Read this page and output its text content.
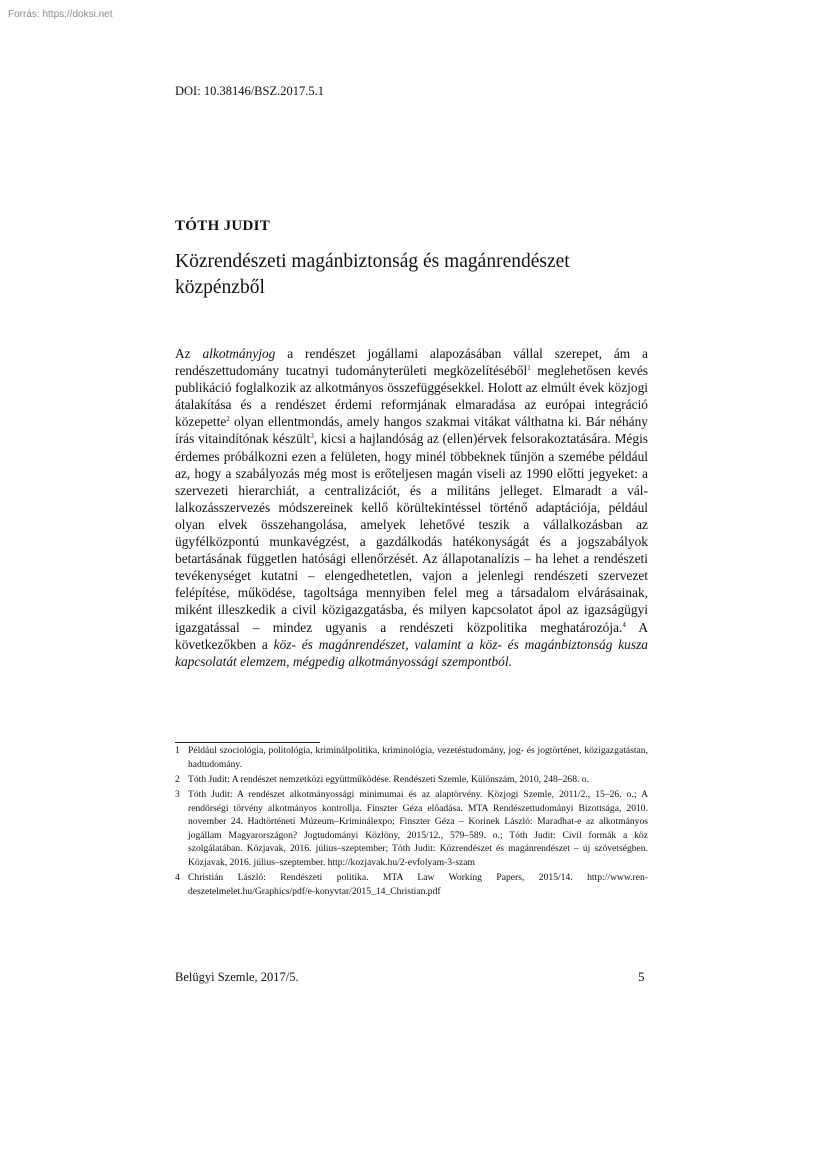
Forrás: https://doksi.net
DOI: 10.38146/BSZ.2017.5.1
TÓTH JUDIT
Közrendészeti magánbiztonság és magánrendészet
közpénzből

Az alkotmányjog a rendészet jogállami alapozásában vállal szerepet, ám a rendészettudomány tucatnyi tudományterületi megközelítéséből$^1$ meglehetősen kevés publikáció foglalkozik az alkotmányos összefüggésekkel. Holott az elmúlt évek közjogi átalakítása és a rendészet érdemi reformjának elmaradása az európai integráció közepette$^2$ olyan ellentmondás, amely hangos szakmai vitákat válthatna ki. Bár néhány írás vitaindítónak készült$^3$, kicsi a hajlandóság az (ellen)érvek felsorakoztatására. Mégis érdemes próbálkozni ezen a felületen, hogy minél többeknek tűnjön a szemébe például az, hogy a szabályozás még most is erőteljesen magán viseli az 1990 előtti jegyeket: a szervezeti hierarchiát, a centralizációt, és a militáns jelleget. Elmaradt a vállalkozásszervezés módszereinek kellő körültekintéssel történő adaptációja, például olyan elvek összehangolása, amelyek lehetővé teszik a vállalkozásban az ügyfélközpontú munkavégzést, a gazdálkodás hatékonyságát és a jogszabályok betartásának független hatósági ellenőrzését. Az állapotanalízis – ha lehet a rendészeti tevékenységet kutatni – elengedhetetlen, vajon a jelenlegi rendészeti szervezet felépítése, működése, tagoltsága mennyiben felel meg a társadalom elvárásainak, miként illeszkedik a civil közigazgatásba, és milyen kapcsolatot ápol az igazságügyi igazgatással – mindez ugyanis a rendészeti közpolitika meghatározója.$^4$ A következőkben a köz- és magánrendészet, valamint a köz- és magánbiztonság kusza kapcsolatát elemzem, mégpedig alkotmányossági szempontból.

1 Például szociológia, politológia, kriminálpolitika, kriminológia, vezetéstudomány, jog- és jogtörténet, közigazgatástan, hadtudomány.
2 Tóth Judit: A rendészet nemzetközi együttműködése. Rendészeti Szemle, Különszám, 2010, 248–268. o.
3 Tóth Judit: A rendészet alkotmányossági minimumai és az alaptörvény. Közjogi Szemle, 2011/2., 15–26. o.; A rendőrségi törvény alkotmányos kontrollja. Finszter Géza előadása. MTA Rendészettudományi Bizottsága, 2010. november 24. Hadtörténeti Múzeum–Kriminálexpo; Finszter Géza – Korinek László: Maradhat-e az alkotmányos jogállam Magyarországon? Jogtudományi Közlöny, 2015/12., 579–589. o.; Tóth Judit: Civil formák a köz szolgálatában. Közjavak, 2016. július–szeptember; Tóth Judit: Közrendészet és magánrendészet – új szövetségben. Közjavak, 2016. július–szeptember. http://kozjavak.hu/2-evfolyam-3-szam
4 Christián László: Rendészeti politika. MTA Law Working Papers, 2015/14. http://www.rendeszetelmelet.hu/Graphics/pdf/e-konyvtar/2015_14_Christian.pdf
Belügyi Szemle, 2017/5.	5
